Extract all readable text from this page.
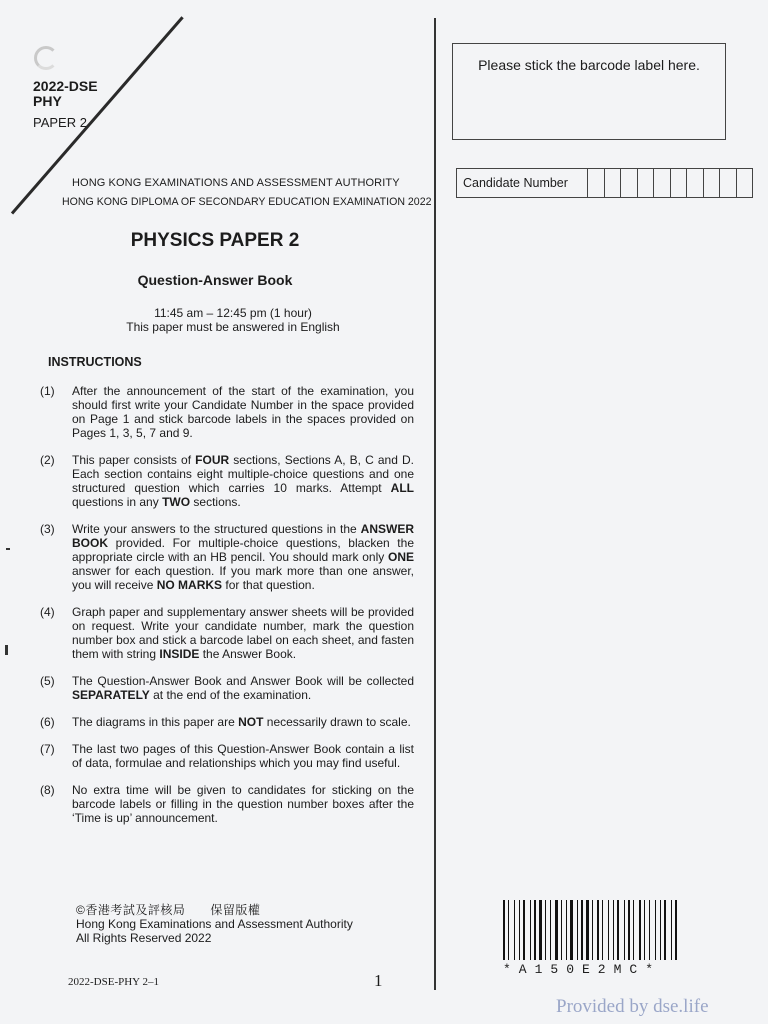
2022-DSE
PHY
PAPER 2
HONG KONG EXAMINATIONS AND ASSESSMENT AUTHORITY
HONG KONG DIPLOMA OF SECONDARY EDUCATION EXAMINATION 2022
PHYSICS PAPER 2
Question-Answer Book
11:45 am – 12:45 pm (1 hour)
This paper must be answered in English
INSTRUCTIONS
(1)	After the announcement of the start of the examination, you should first write your Candidate Number in the space provided on Page 1 and stick barcode labels in the spaces provided on Pages 1, 3, 5, 7 and 9.
(2)	This paper consists of FOUR sections, Sections A, B, C and D. Each section contains eight multiple-choice questions and one structured question which carries 10 marks. Attempt ALL questions in any TWO sections.
(3)	Write your answers to the structured questions in the ANSWER BOOK provided. For multiple-choice questions, blacken the appropriate circle with an HB pencil. You should mark only ONE answer for each question. If you mark more than one answer, you will receive NO MARKS for that question.
(4)	Graph paper and supplementary answer sheets will be provided on request. Write your candidate number, mark the question number box and stick a barcode label on each sheet, and fasten them with string INSIDE the Answer Book.
(5)	The Question-Answer Book and Answer Book will be collected SEPARATELY at the end of the examination.
(6)	The diagrams in this paper are NOT necessarily drawn to scale.
(7)	The last two pages of this Question-Answer Book contain a list of data, formulae and relationships which you may find useful.
(8)	No extra time will be given to candidates for sticking on the barcode labels or filling in the question number boxes after the ‘Time is up’ announcement.
Please stick the barcode label here.
Candidate Number
©香港考試及評核局　　保留版權
Hong Kong Examinations and Assessment Authority
All Rights Reserved 2022
*A150E2MC*
2022-DSE-PHY 2–1	1
Provided by dse.life
